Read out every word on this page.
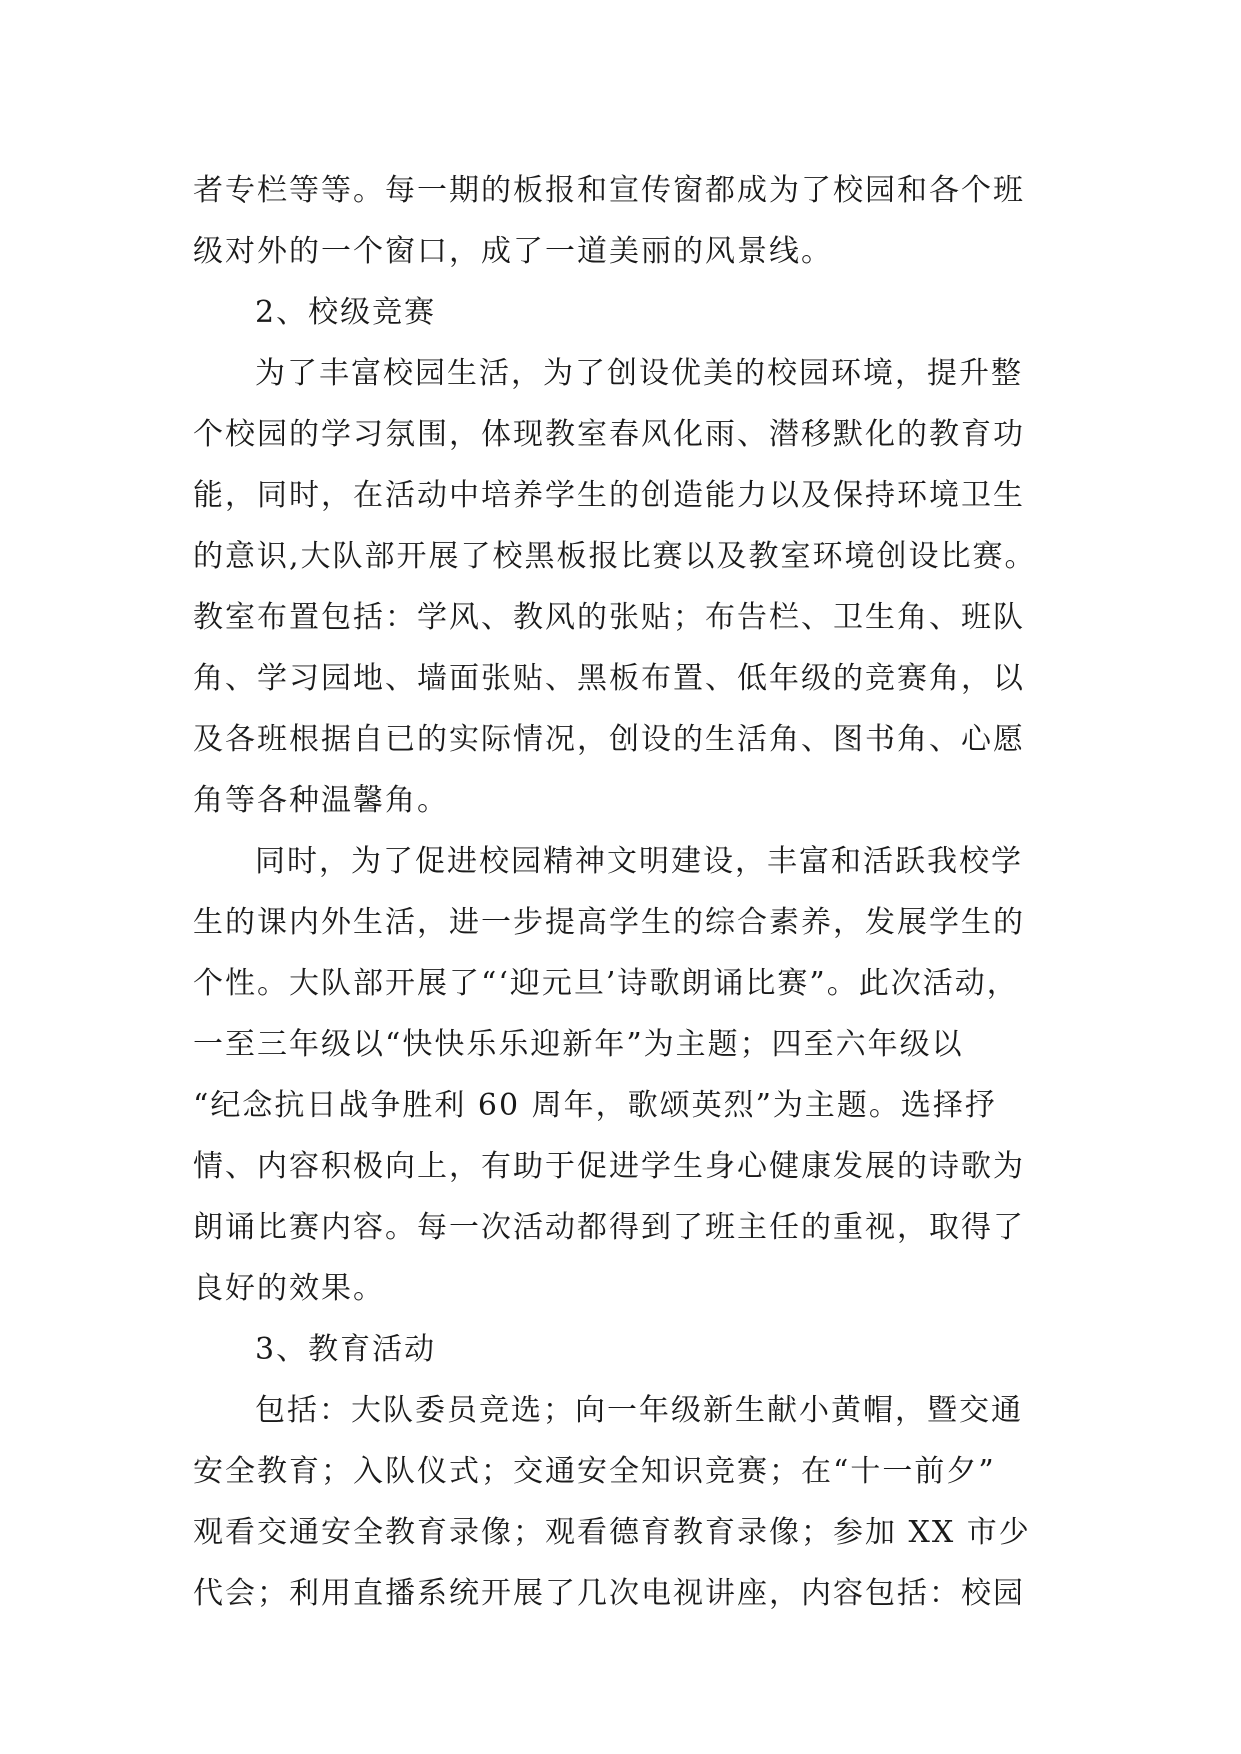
者专栏等等。每一期的板报和宣传窗都成为了校园和各个班
级对外的一个窗口，成了一道美丽的风景线。
2、校级竞赛
为了丰富校园生活，为了创设优美的校园环境，提升整
个校园的学习氛围，体现教室春风化雨、潜移默化的教育功
能，同时，在活动中培养学生的创造能力以及保持环境卫生
的意识,大队部开展了校黑板报比赛以及教室环境创设比赛。
教室布置包括：学风、教风的张贴；布告栏、卫生角、班队
角、学习园地、墙面张贴、黑板布置、低年级的竞赛角，以
及各班根据自已的实际情况，创设的生活角、图书角、心愿
角等各种温馨角。
同时，为了促进校园精神文明建设，丰富和活跃我校学
生的课内外生活，进一步提高学生的综合素养，发展学生的
个性。大队部开展了“‘迎元旦’诗歌朗诵比赛”。此次活动，
一至三年级以“快快乐乐迎新年”为主题；四至六年级以
“纪念抗日战争胜利 60 周年，歌颂英烈”为主题。选择抒
情、内容积极向上，有助于促进学生身心健康发展的诗歌为
朗诵比赛内容。每一次活动都得到了班主任的重视，取得了
良好的效果。
3、教育活动
包括：大队委员竞选；向一年级新生献小黄帽，暨交通
安全教育；入队仪式；交通安全知识竞赛；在“十一前夕”
观看交通安全教育录像；观看德育教育录像；参加 XX 市少
代会；利用直播系统开展了几次电视讲座，内容包括：校园
